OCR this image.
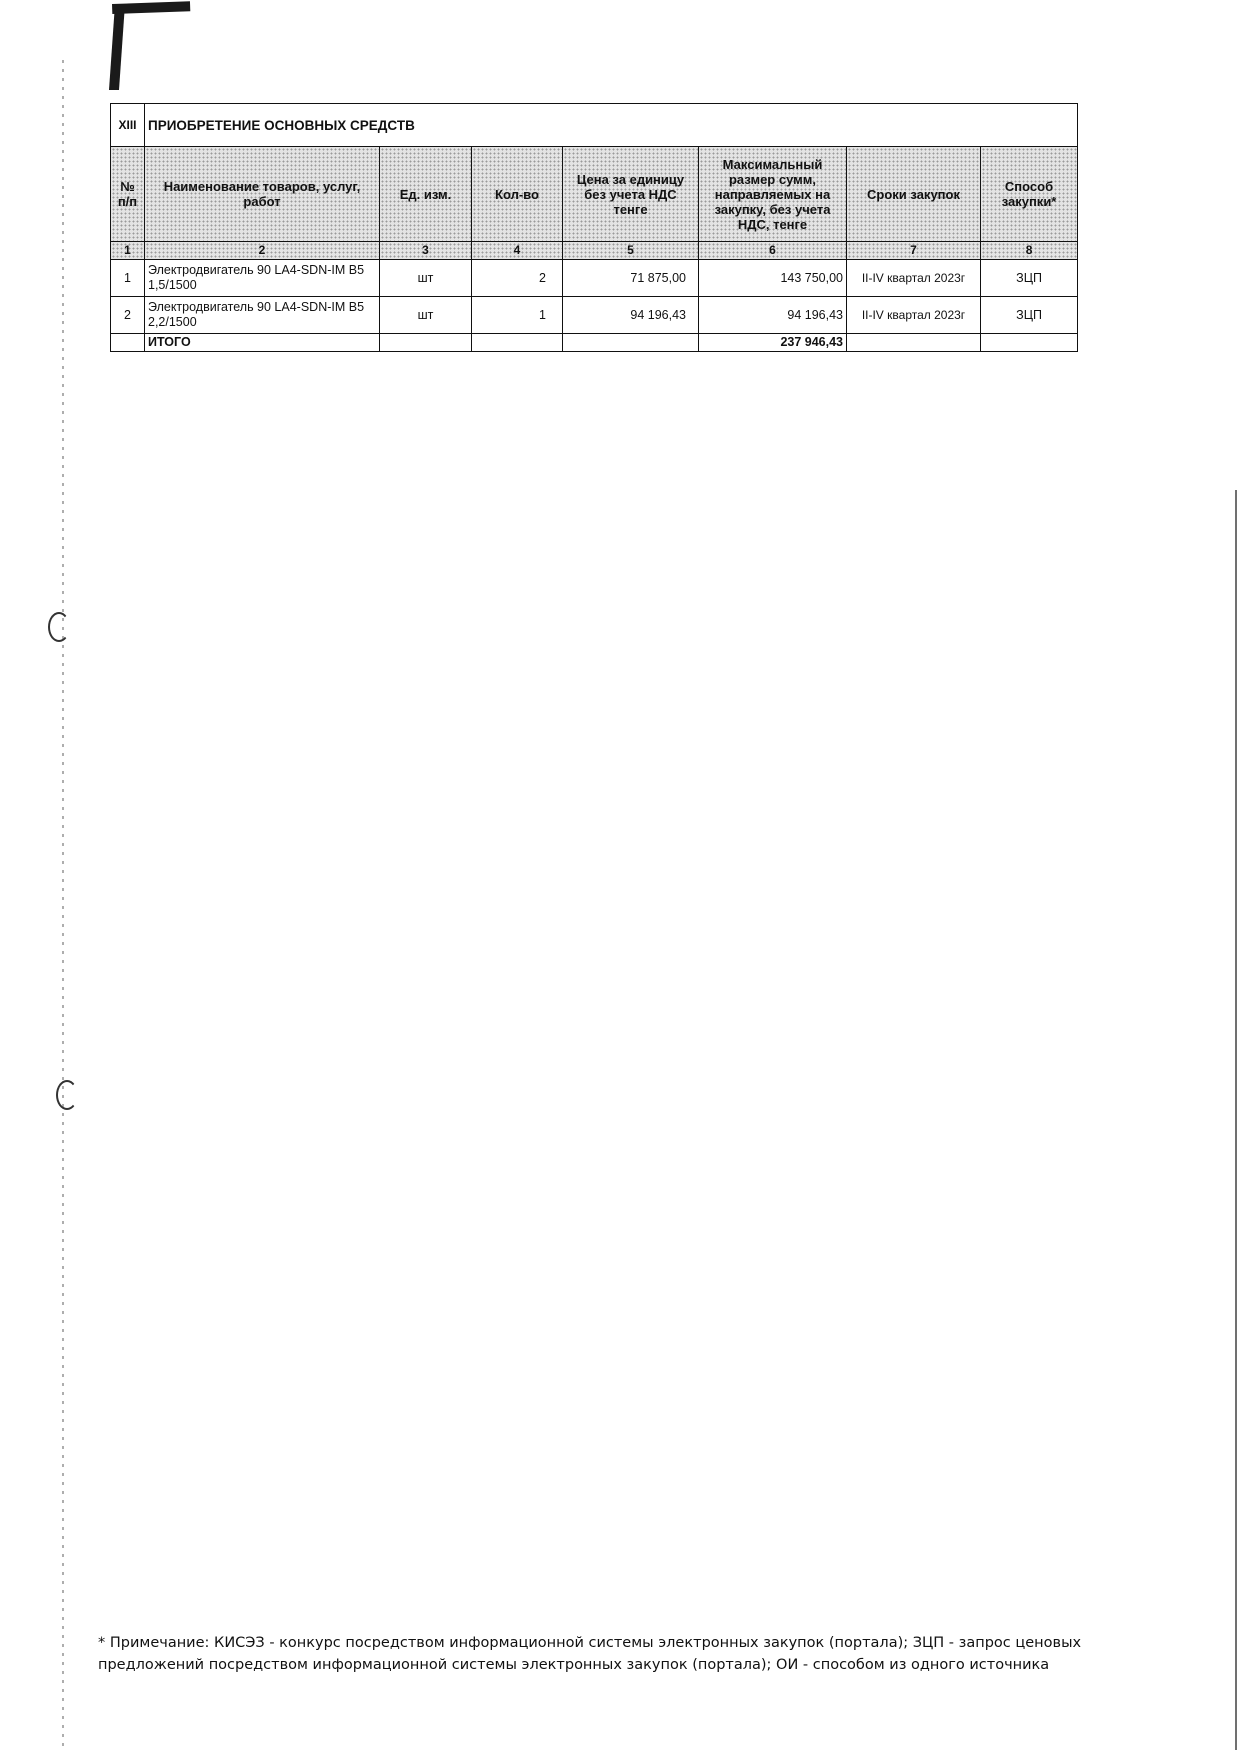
XIII	ПРИОБРЕТЕНИЕ ОСНОВНЫХ СРЕДСТВ						
№ п/п	Наименование товаров, услуг, работ	Ед. изм.	Кол-во	Цена за единицу без учета НДС тенге	Максимальный размер сумм, направляемых на закупку, без учета НДС, тенге	Сроки закупок	Способ закупки*
1	2	3	4	5	6	7	8
1	Электродвигатель 90 LA4-SDN-IM B5 1,5/1500	шт	2	71 875,00	143 750,00	II-IV квартал 2023г	ЗЦП
2	Электродвигатель 90 LA4-SDN-IM B5 2,2/1500	шт	1	94 196,43	94 196,43	II-IV квартал 2023г	ЗЦП
	ИТОГО				237 946,43		
* Примечание: КИСЭЗ - конкурс посредством информационной системы электронных закупок (портала); ЗЦП - запрос ценовых предложений посредством информационной системы электронных закупок (портала); ОИ - способом из одного источника
